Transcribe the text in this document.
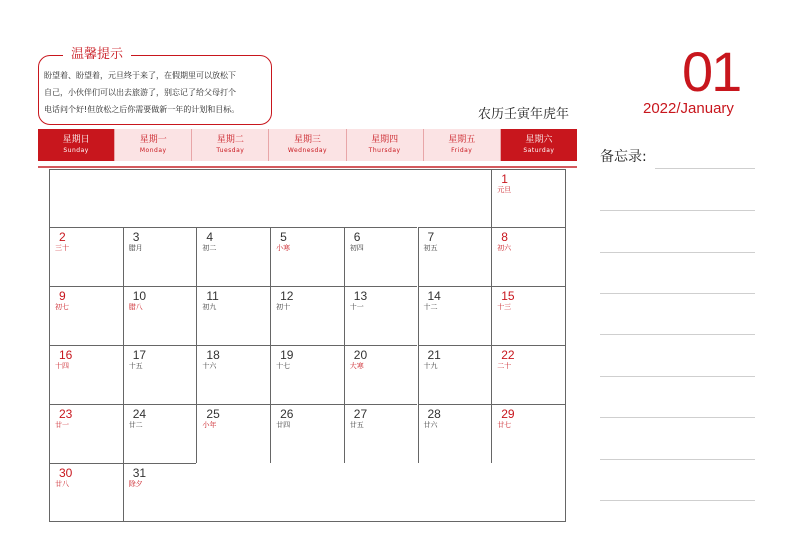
温馨提示
盼望着、盼望着，元旦终于来了，在假期里可以放松下
自己，小伙伴们可以出去旅游了，别忘记了给父母打个
电话问个好!但放松之后你需要做新一年的计划和目标。
01
2022/January
农历壬寅年虎年
星期日
Sunday
星期一
Monday
星期二
Tuesday
星期三
Wednesday
星期四
Thursday
星期五
Friday
星期六
Saturday
1
元旦
2
三十
3
腊月
4
初二
5
小寒
6
初四
7
初五
8
初六
9
初七
10
腊八
11
初九
12
初十
13
十一
14
十二
15
十三
16
十四
17
十五
18
十六
19
十七
20
大寒
21
十九
22
二十
23
廿一
24
廿二
25
小年
26
廿四
27
廿五
28
廿六
29
廿七
30
廿八
31
除夕
备忘录:
